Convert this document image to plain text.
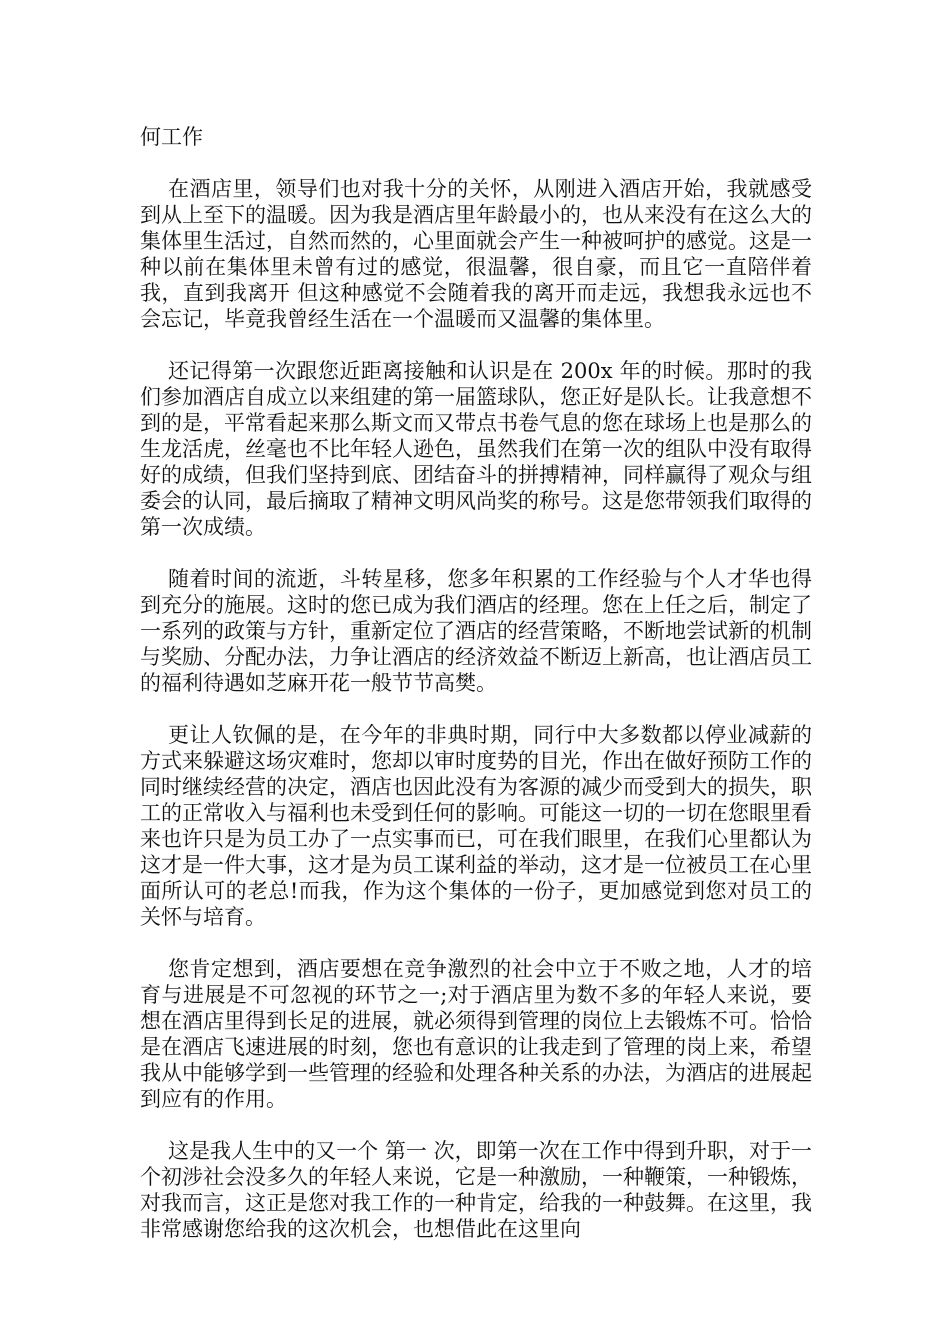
何工作

在酒店里，领导们也对我十分的关怀，从刚进入酒店开始，我就感受到从上至下的温暖。因为我是酒店里年龄最小的，也从来没有在这么大的集体里生活过，自然而然的，心里面就会产生一种被呵护的感觉。这是一种以前在集体里未曾有过的感觉，很温馨，很自豪，而且它一直陪伴着我，直到我离开 但这种感觉不会随着我的离开而走远，我想我永远也不会忘记，毕竟我曾经生活在一个温暖而又温馨的集体里。

还记得第一次跟您近距离接触和认识是在 200x 年的时候。那时的我们参加酒店自成立以来组建的第一届篮球队，您正好是队长。让我意想不到的是，平常看起来那么斯文而又带点书卷气息的您在球场上也是那么的生龙活虎，丝毫也不比年轻人逊色，虽然我们在第一次的组队中没有取得好的成绩，但我们坚持到底、团结奋斗的拼搏精神，同样赢得了观众与组委会的认同，最后摘取了精神文明风尚奖的称号。这是您带领我们取得的第一次成绩。

随着时间的流逝，斗转星移，您多年积累的工作经验与个人才华也得到充分的施展。这时的您已成为我们酒店的经理。您在上任之后，制定了一系列的政策与方针，重新定位了酒店的经营策略，不断地尝试新的机制与奖励、分配办法，力争让酒店的经济效益不断迈上新高，也让酒店员工的福利待遇如芝麻开花一般节节高樊。

更让人钦佩的是，在今年的非典时期，同行中大多数都以停业减薪的方式来躲避这场灾难时，您却以审时度势的目光，作出在做好预防工作的同时继续经营的决定，酒店也因此没有为客源的减少而受到大的损失，职工的正常收入与福利也未受到任何的影响。可能这一切的一切在您眼里看来也许只是为员工办了一点实事而已，可在我们眼里，在我们心里都认为这才是一件大事，这才是为员工谋利益的举动，这才是一位被员工在心里面所认可的老总!而我，作为这个集体的一份子，更加感觉到您对员工的关怀与培育。

您肯定想到，酒店要想在竞争激烈的社会中立于不败之地，人才的培育与进展是不可忽视的环节之一;对于酒店里为数不多的年轻人来说，要想在酒店里得到长足的进展，就必须得到管理的岗位上去锻炼不可。恰恰是在酒店飞速进展的时刻，您也有意识的让我走到了管理的岗上来，希望我从中能够学到一些管理的经验和处理各种关系的办法，为酒店的进展起到应有的作用。

这是我人生中的又一个 第一 次，即第一次在工作中得到升职，对于一个初涉社会没多久的年轻人来说，它是一种激励，一种鞭策，一种锻炼，对我而言，这正是您对我工作的一种肯定，给我的一种鼓舞。在这里，我非常感谢您给我的这次机会，也想借此在这里向
